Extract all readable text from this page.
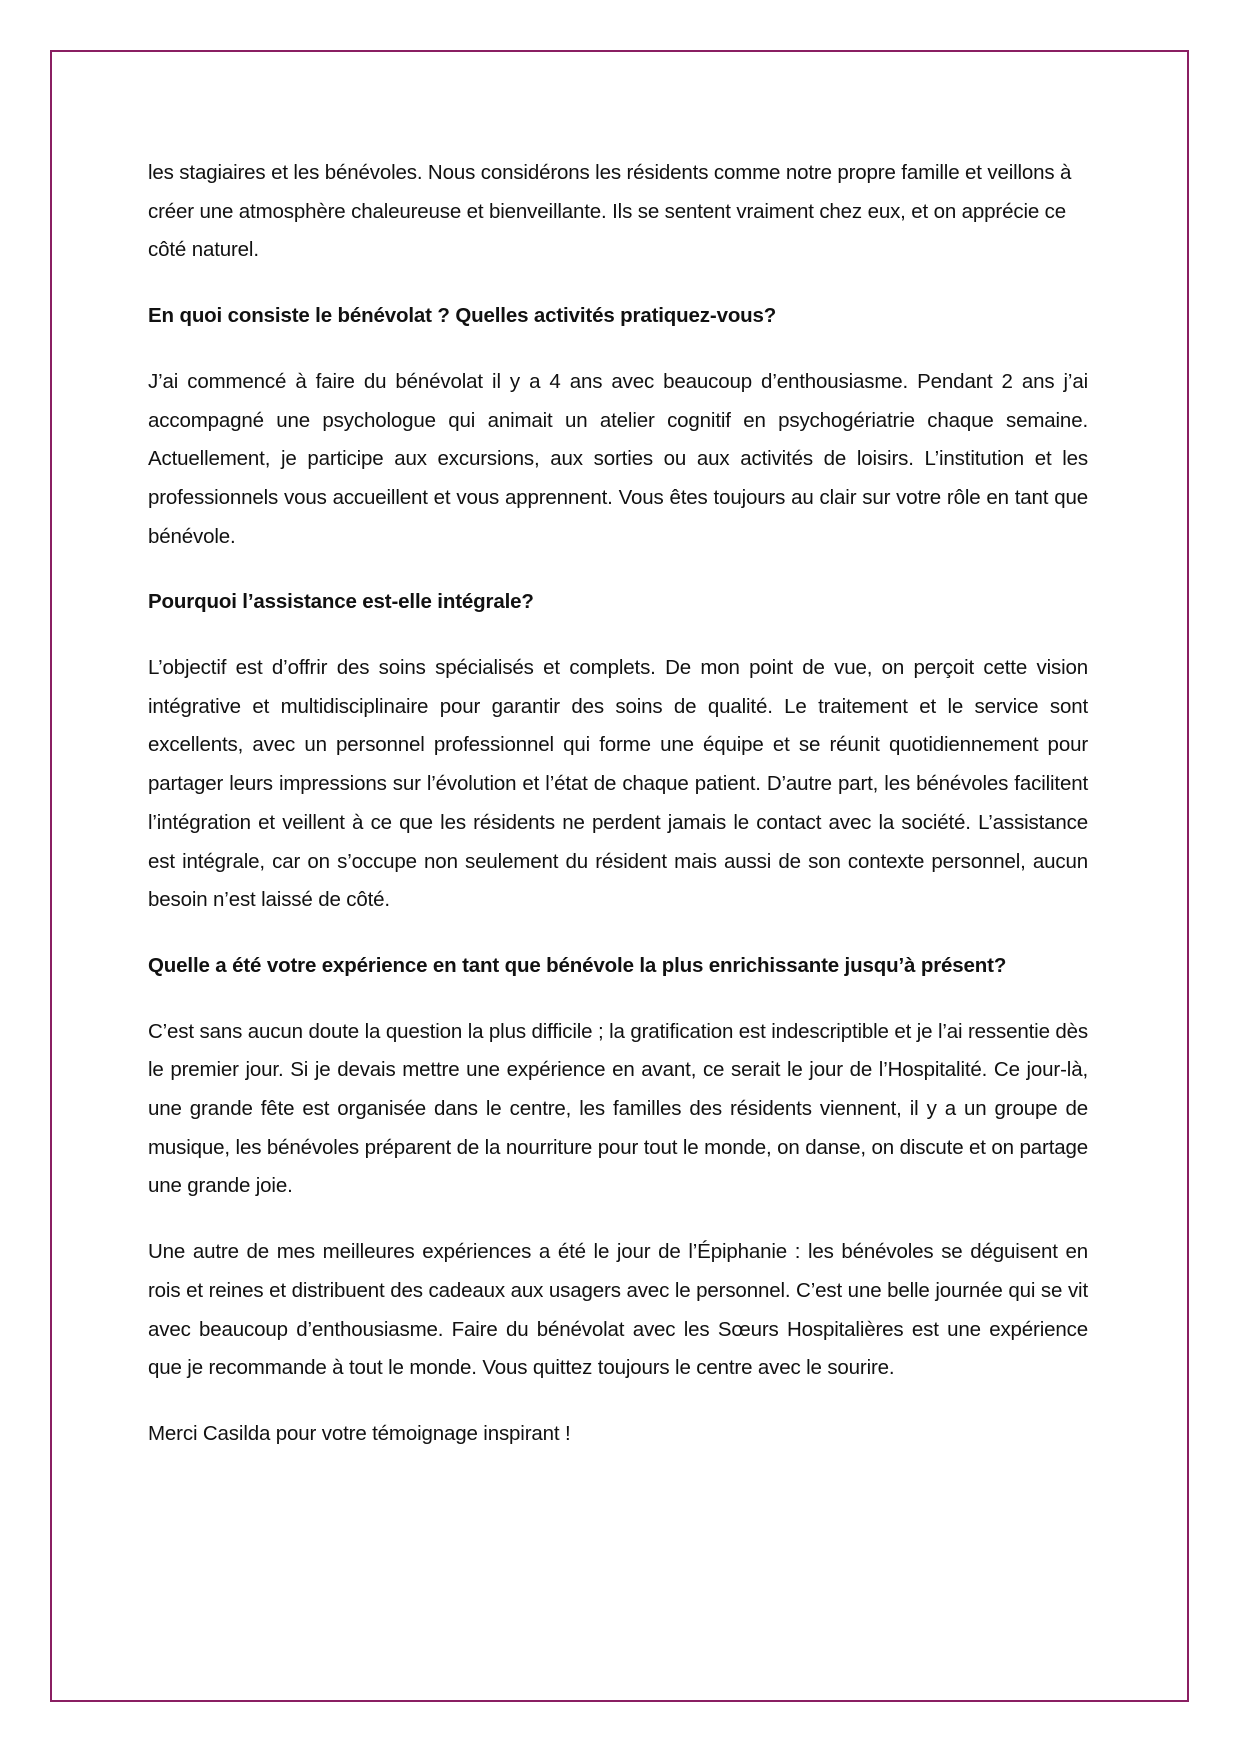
les stagiaires et les bénévoles. Nous considérons les résidents comme notre propre famille et veillons à créer une atmosphère chaleureuse et bienveillante. Ils se sentent vraiment chez eux, et on apprécie ce côté naturel.

En quoi consiste le bénévolat ? Quelles activités pratiquez-vous?

J’ai commencé à faire du bénévolat il y a 4 ans avec beaucoup d’enthousiasme. Pendant 2 ans j’ai accompagné une psychologue qui animait un atelier cognitif en psychogériatrie chaque semaine. Actuellement, je participe aux excursions, aux sorties ou aux activités de loisirs. L’institution et les professionnels vous accueillent et vous apprennent. Vous êtes toujours au clair sur votre rôle en tant que bénévole.

Pourquoi l’assistance est-elle intégrale?

L’objectif est d’offrir des soins spécialisés et complets. De mon point de vue, on perçoit cette vision intégrative et multidisciplinaire pour garantir des soins de qualité. Le traitement et le service sont excellents, avec un personnel professionnel qui forme une équipe et se réunit quotidiennement pour partager leurs impressions sur l’évolution et l’état de chaque patient. D’autre part, les bénévoles facilitent l’intégration et veillent à ce que les résidents ne perdent jamais le contact avec la société. L’assistance est intégrale, car on s’occupe non seulement du résident mais aussi de son contexte personnel, aucun besoin n’est laissé de côté.

Quelle a été votre expérience en tant que bénévole la plus enrichissante jusqu’à présent?

C’est sans aucun doute la question la plus difficile ; la gratification est indescriptible et je l’ai ressentie dès le premier jour. Si je devais mettre une expérience en avant, ce serait le jour de l’Hospitalité. Ce jour-là, une grande fête est organisée dans le centre, les familles des résidents viennent, il y a un groupe de musique, les bénévoles préparent de la nourriture pour tout le monde, on danse, on discute et on partage une grande joie.

Une autre de mes meilleures expériences a été le jour de l’Épiphanie : les bénévoles se déguisent en rois et reines et distribuent des cadeaux aux usagers avec le personnel. C’est une belle journée qui se vit avec beaucoup d’enthousiasme. Faire du bénévolat avec les Sœurs Hospitalières est une expérience que je recommande à tout le monde. Vous quittez toujours le centre avec le sourire.

Merci Casilda pour votre témoignage inspirant !
